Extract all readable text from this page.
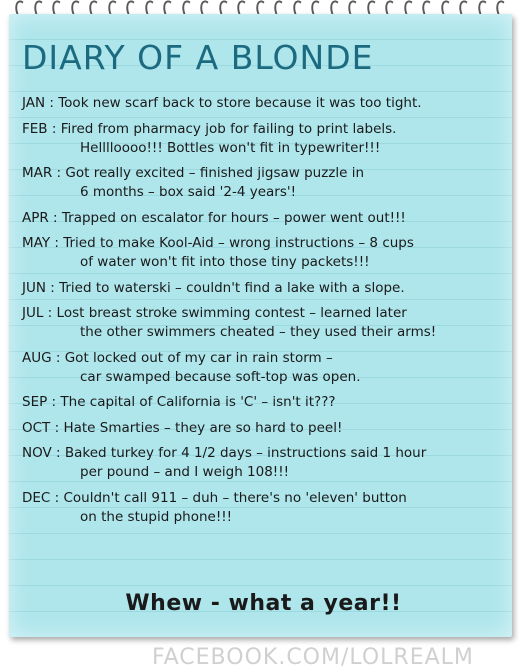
DIARY OF A BLONDE
JAN : Took new scarf back to store because it was too tight.
FEB : Fired from pharmacy job for failing to print labels.
Helllloooo!!! Bottles won't fit in typewriter!!!
MAR : Got really excited – finished jigsaw puzzle in
6 months – box said '2-4 years'!
APR : Trapped on escalator for hours – power went out!!!
MAY : Tried to make Kool-Aid – wrong instructions – 8 cups
of water won't fit into those tiny packets!!!
JUN : Tried to waterski – couldn't find a lake with a slope.
JUL : Lost breast stroke swimming contest – learned later
the other swimmers cheated – they used their arms!
AUG : Got locked out of my car in rain storm –
car swamped because soft-top was open.
SEP : The capital of California is 'C' – isn't it???
OCT : Hate Smarties – they are so hard to peel!
NOV : Baked turkey for 4 1/2 days – instructions said 1 hour
per pound – and I weigh 108!!!
DEC : Couldn't call 911 – duh – there's no 'eleven' button
on the stupid phone!!!
Whew - what a year!!
FACEBOOK.COM/LOLREALM
